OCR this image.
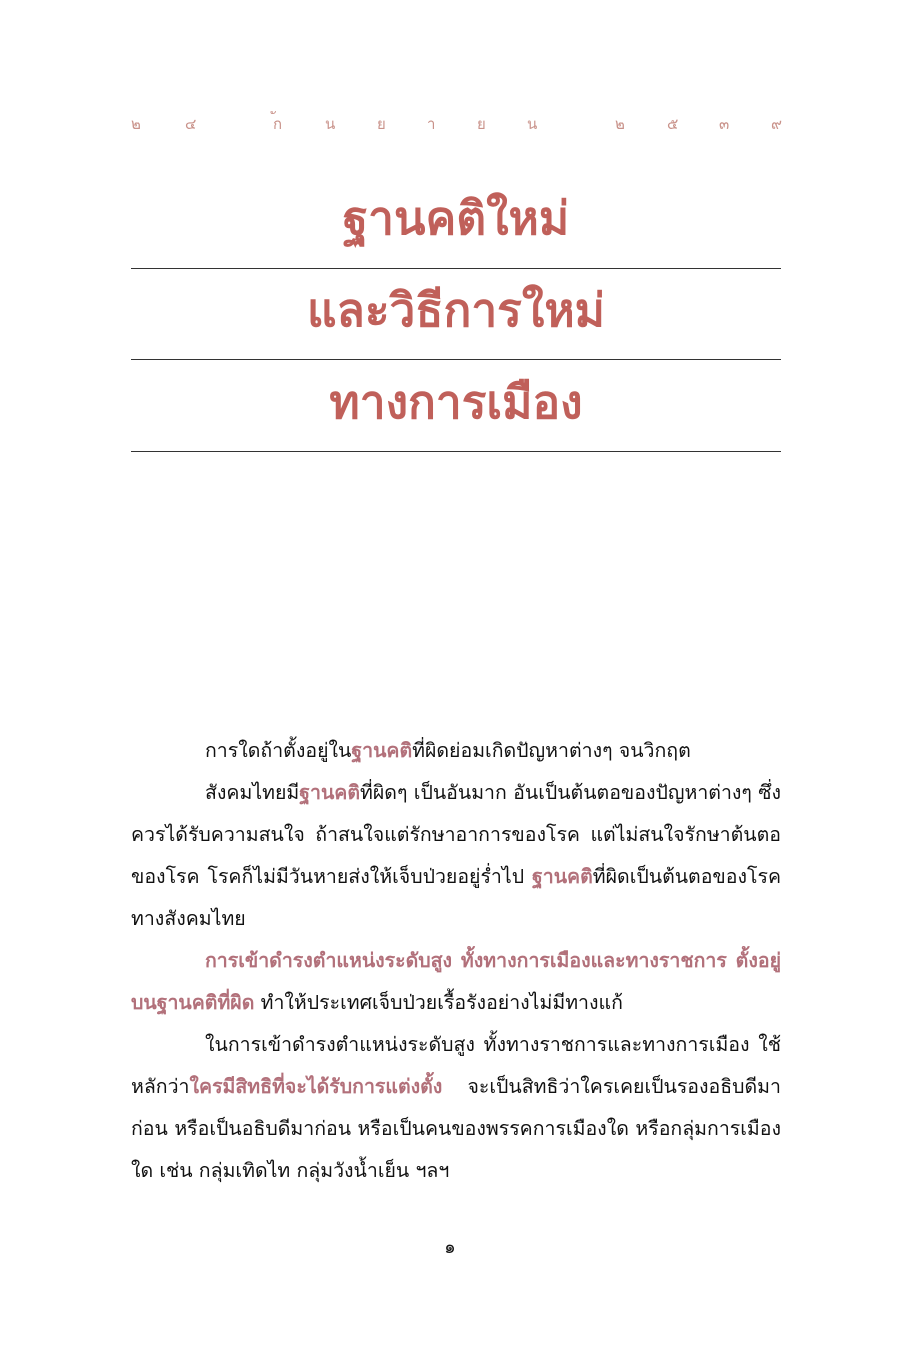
๒	๔	ก	น	ย	า	ย	น	๒	๕	๓	๙
ฐานคติใหม่
และวิธีการใหม่
ทางการเมือง

การใดถ้าตั้งอยู่ในฐานคติที่ผิดย่อมเกิดปัญหาต่างๆ จนวิกฤต

สังคมไทยมีฐานคติที่ผิดๆ เป็นอันมาก อันเป็นต้นตอของปัญหาต่างๆ ซึ่งควรได้รับความสนใจ ถ้าสนใจแต่รักษาอาการของโรค แต่ไม่สนใจรักษาต้นตอของโรค โรคก็ไม่มีวันหายส่งให้เจ็บป่วยอยู่ร่ำไป ฐานคติที่ผิดเป็นต้นตอของโรคทางสังคมไทย

การเข้าดำรงตำแหน่งระดับสูง ทั้งทางการเมืองและทางราชการ ตั้งอยู่บนฐานคติที่ผิด ทำให้ประเทศเจ็บป่วยเรื้อรังอย่างไม่มีทางแก้

ในการเข้าดำรงตำแหน่งระดับสูง ทั้งทางราชการและทางการเมือง ใช้หลักว่าใครมีสิทธิที่จะได้รับการแต่งตั้ง จะเป็นสิทธิว่าใครเคยเป็นรองอธิบดีมาก่อน หรือเป็นอธิบดีมาก่อน หรือเป็นคนของพรรคการเมืองใด หรือกลุ่มการเมืองใด เช่น กลุ่มเทิดไท กลุ่มวังน้ำเย็น ฯลฯ

๑
